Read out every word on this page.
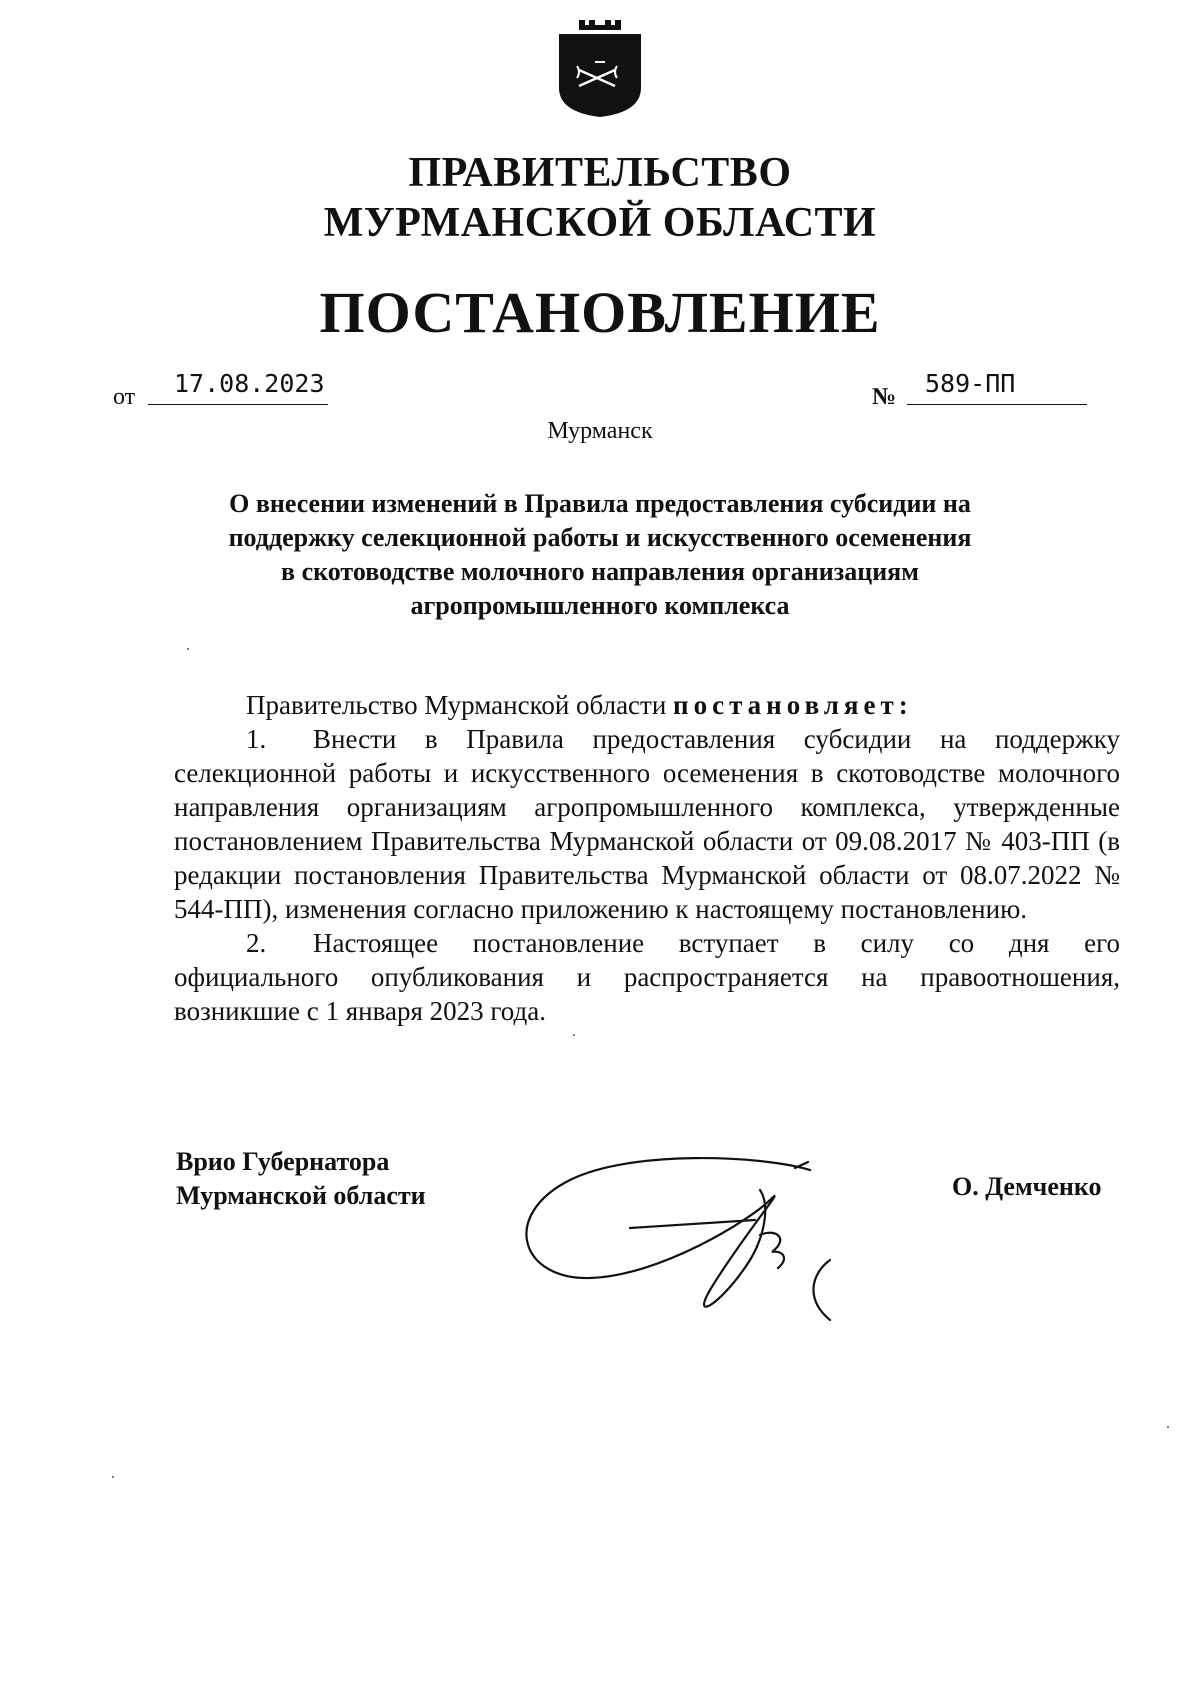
ПРАВИТЕЛЬСТВО
МУРМАНСКОЙ ОБЛАСТИ
ПОСТАНОВЛЕНИЕ
от	17.08.2023	№	589-ПП
Мурманск
О внесении изменений в Правила предоставления субсидии на
поддержку селекционной работы и искусственного осеменения
в скотоводстве молочного направления организациям
агропромышленного комплекса

Правительство Мурманской области постановляет:

1. Внести в Правила предоставления субсидии на поддержку

селекционной работы и искусственного осеменения в скотоводстве молочного направления организациям агропромышленного комплекса, утвержденные постановлением Правительства Мурманской области от 09.08.2017 № 403-ПП (в редакции постановления Правительства Мурманской области от 08.07.2022 № 544-ПП), изменения согласно приложению к настоящему постановлению.

2. Настоящее постановление вступает в силу со дня его

официального опубликования и распространяется на правоотношения, возникшие с 1 января 2023 года.

Врио Губернатора
Мурманской области	О. Демченко
